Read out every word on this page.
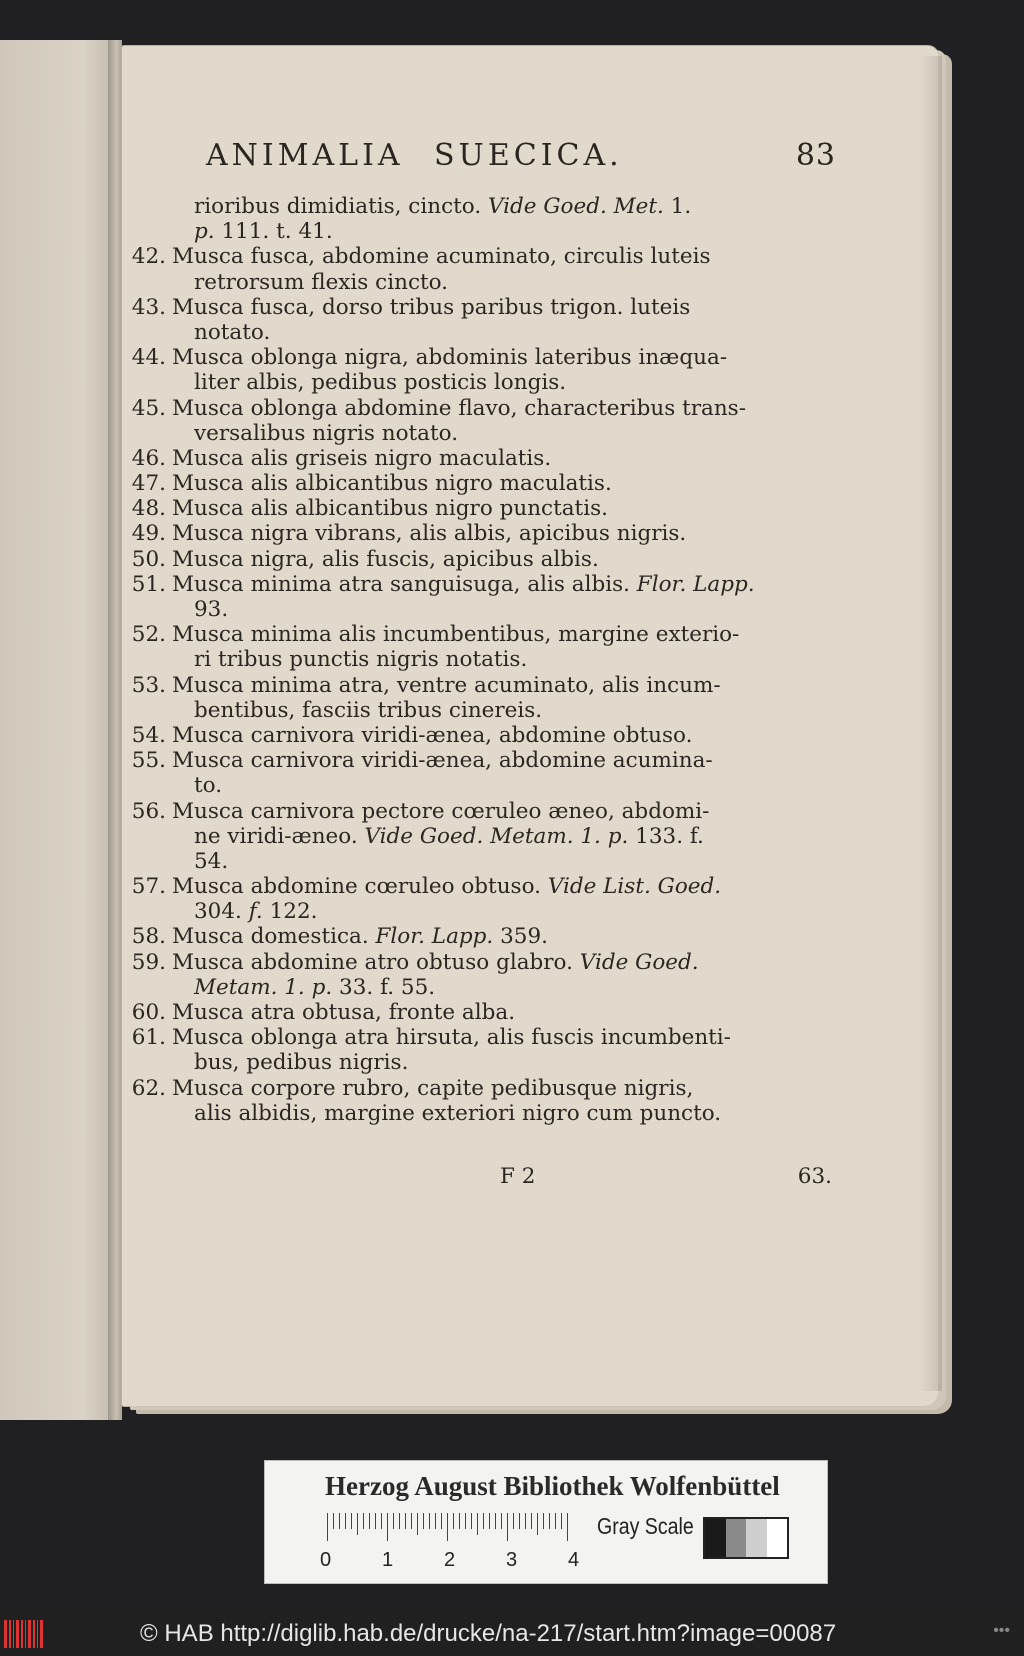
ANIMALIA SUECICA.	83
rioribus dimidiatis, cincto. Vide Goed. Met. 1.
p. 111. t. 41.
42. Musca fusca, abdomine acuminato, circulis luteis
retrorsum flexis cincto.
43. Musca fusca, dorso tribus paribus trigon. luteis
notato.
44. Musca oblonga nigra, abdominis lateribus inæqua-
liter albis, pedibus posticis longis.
45. Musca oblonga abdomine flavo, characteribus trans-
versalibus nigris notato.
46. Musca alis griseis nigro maculatis.
47. Musca alis albicantibus nigro maculatis.
48. Musca alis albicantibus nigro punctatis.
49. Musca nigra vibrans, alis albis, apicibus nigris.
50. Musca nigra, alis fuscis, apicibus albis.
51. Musca minima atra sanguisuga, alis albis. Flor. Lapp.
93.
52. Musca minima alis incumbentibus, margine exterio-
ri tribus punctis nigris notatis.
53. Musca minima atra, ventre acuminato, alis incum-
bentibus, fasciis tribus cinereis.
54. Musca carnivora viridi-ænea, abdomine obtuso.
55. Musca carnivora viridi-ænea, abdomine acumina-
to.
56. Musca carnivora pectore cœruleo æneo, abdomi-
ne viridi-æneo. Vide Goed. Metam. 1. p. 133. f.
54.
57. Musca abdomine cœruleo obtuso. Vide List. Goed.
304. f. 122.
58. Musca domestica. Flor. Lapp. 359.
59. Musca abdomine atro obtuso glabro. Vide Goed.
Metam. 1. p. 33. f. 55.
60. Musca atra obtusa, fronte alba.
61. Musca oblonga atra hirsuta, alis fuscis incumbenti-
bus, pedibus nigris.
62. Musca corpore rubro, capite pedibusque nigris,
alis albidis, margine exteriori nigro cum puncto.
F 2	63.
Herzog August Bibliothek Wolfenbüttel
0	1	2	3	4
Gray Scale
© HAB http://diglib.hab.de/drucke/na-217/start.htm?image=00087	•••
